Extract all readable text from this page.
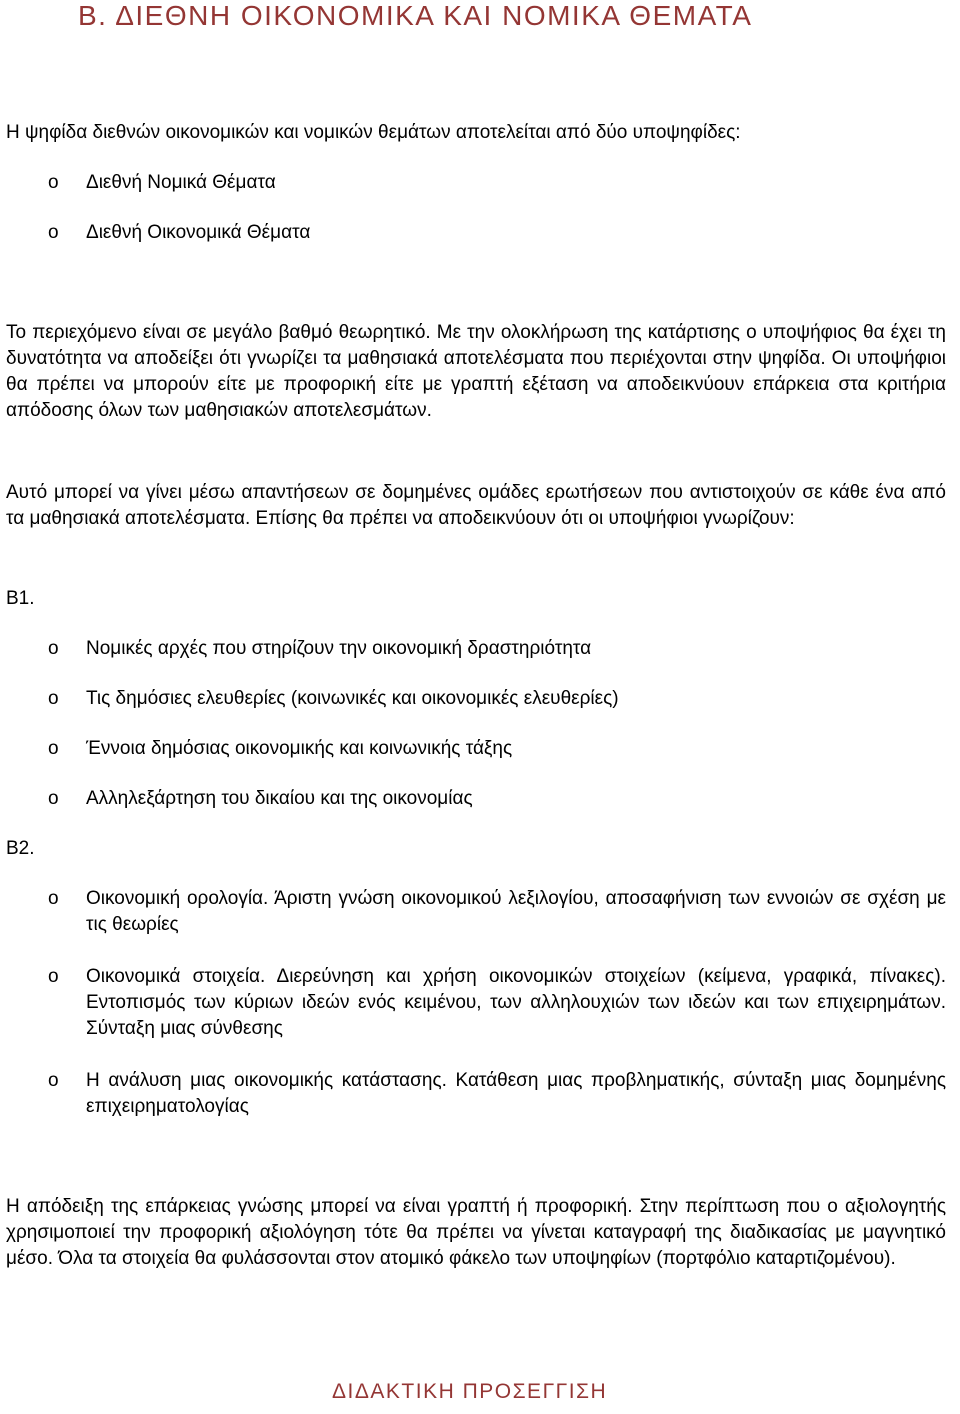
Β. ΔΙΕΘΝΗ ΟΙΚΟΝΟΜΙΚΑ ΚΑΙ ΝΟΜΙΚΑ ΘΕΜΑΤΑ
Η ψηφίδα διεθνών οικονομικών και νομικών θεμάτων αποτελείται από δύο υποψηφίδες:
o Διεθνή Νομικά Θέματα
o Διεθνή Οικονομικά Θέματα
Το περιεχόμενο είναι σε μεγάλο βαθμό θεωρητικό. Με την ολοκλήρωση της κατάρτισης ο υποψήφιος θα έχει τη δυνατότητα να αποδείξει ότι γνωρίζει τα μαθησιακά αποτελέσματα που περιέχονται στην ψηφίδα. Οι υποψήφιοι θα πρέπει να μπορούν είτε με προφορική είτε με γραπτή εξέταση να αποδεικνύουν επάρκεια στα κριτήρια απόδοσης όλων των μαθησιακών αποτελεσμάτων.
Αυτό μπορεί να γίνει μέσω απαντήσεων σε δομημένες ομάδες ερωτήσεων που αντιστοιχούν σε κάθε ένα από τα μαθησιακά αποτελέσματα. Επίσης θα πρέπει να αποδεικνύουν ότι οι υποψήφιοι γνωρίζουν:
Β1.
o Νομικές αρχές που στηρίζουν την οικονομική δραστηριότητα
o Τις δημόσιες ελευθερίες (κοινωνικές και οικονομικές ελευθερίες)
o Έννοια δημόσιας οικονομικής και κοινωνικής τάξης
o Αλληλεξάρτηση του δικαίου και της οικονομίας
Β2.
o Οικονομική ορολογία. Άριστη γνώση οικονομικού λεξιλογίου, αποσαφήνιση των εννοιών σε σχέση με τις θεωρίες
o Οικονομικά στοιχεία. Διερεύνηση και χρήση οικονομικών στοιχείων (κείμενα, γραφικά, πίνακες). Εντοπισμός των κύριων ιδεών ενός κειμένου, των αλληλουχιών των ιδεών και των επιχειρημάτων. Σύνταξη μιας σύνθεσης
o Η ανάλυση μιας οικονομικής κατάστασης. Κατάθεση μιας προβληματικής, σύνταξη μιας δομημένης επιχειρηματολογίας
Η απόδειξη της επάρκειας γνώσης μπορεί να είναι γραπτή ή προφορική. Στην περίπτωση που ο αξιολογητής χρησιμοποιεί την προφορική αξιολόγηση τότε θα πρέπει να γίνεται καταγραφή της διαδικασίας με μαγνητικό μέσο. Όλα τα στοιχεία θα φυλάσσονται στον ατομικό φάκελο των υποψηφίων (πορτφόλιο καταρτιζομένου).
ΔΙΔΑΚΤΙΚΗ ΠΡΟΣΕΓΓΙΣΗ
